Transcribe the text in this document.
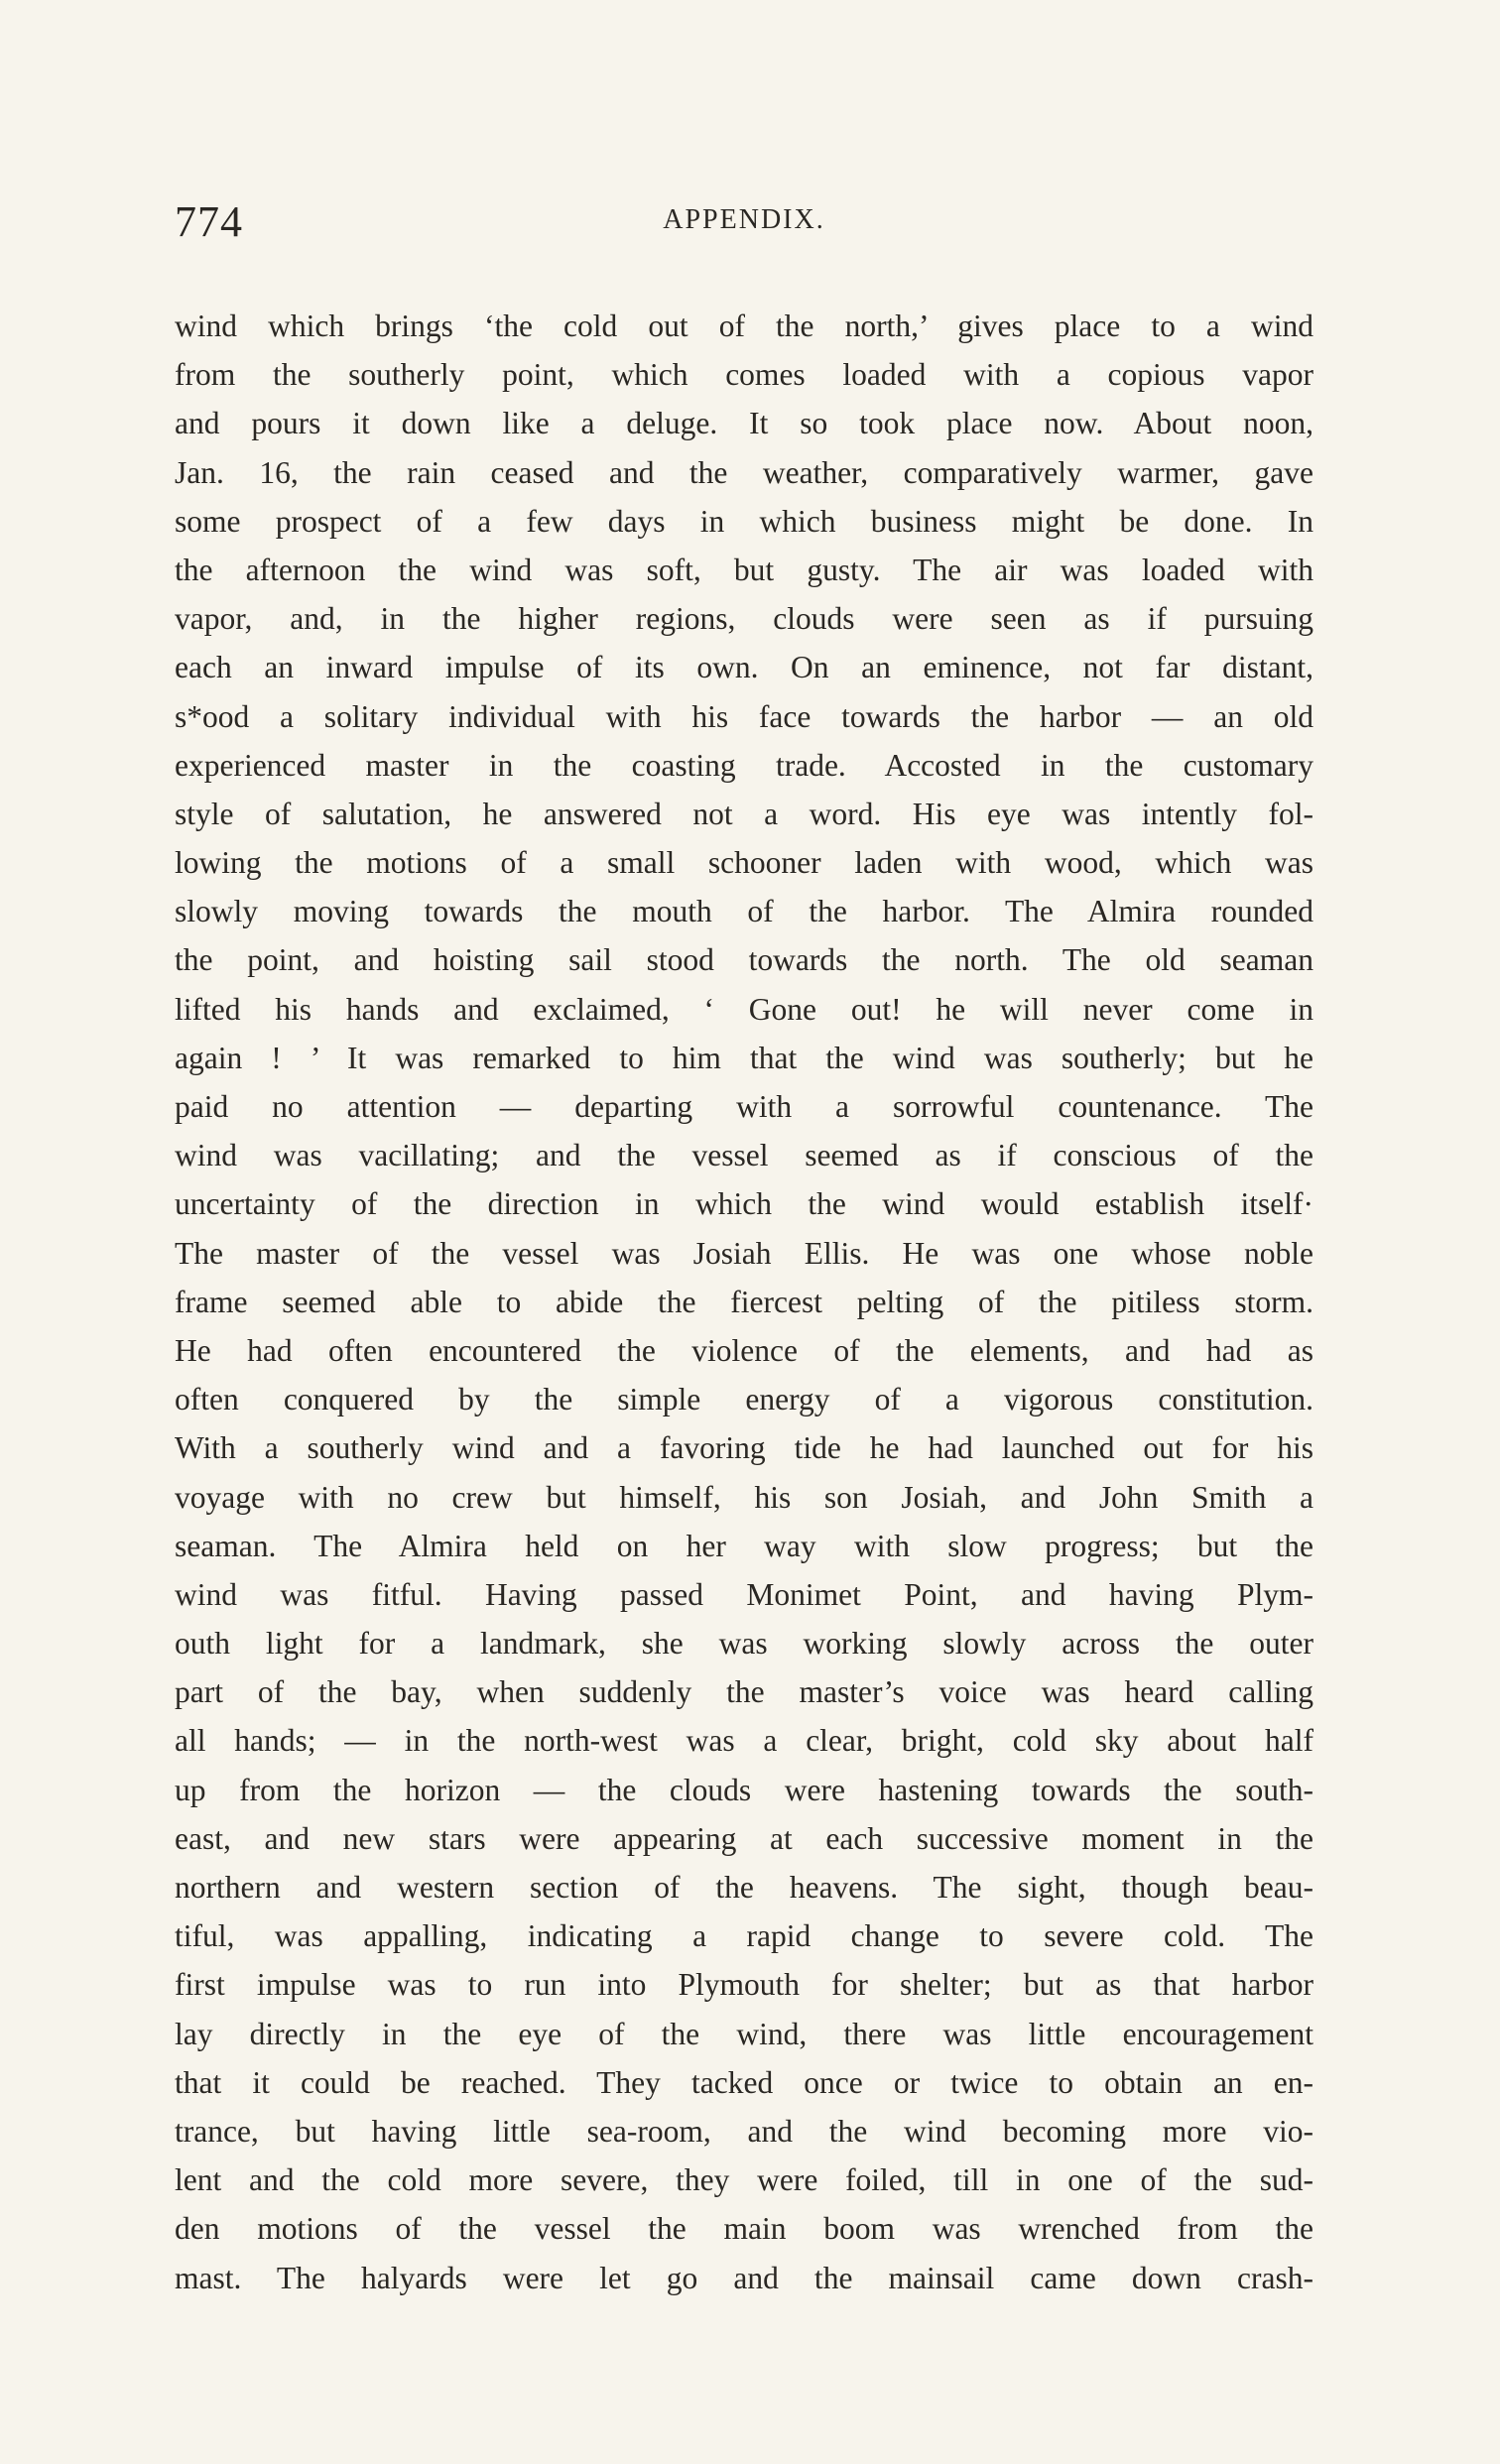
774	APPENDIX.
wind which brings ‘the cold out of the north,’ gives place to a wind
from the southerly point, which comes loaded with a copious vapor
and pours it down like a deluge. It so took place now. About noon,
Jan. 16, the rain ceased and the weather, comparatively warmer, gave
some prospect of a few days in which business might be done. In
the afternoon the wind was soft, but gusty. The air was loaded with
vapor, and, in the higher regions, clouds were seen as if pursuing
each an inward impulse of its own. On an eminence, not far distant,
s*ood a solitary individual with his face towards the harbor — an old
experienced master in the coasting trade. Accosted in the customary
style of salutation, he answered not a word. His eye was intently fol-
lowing the motions of a small schooner laden with wood, which was
slowly moving towards the mouth of the harbor. The Almira rounded
the point, and hoisting sail stood towards the north. The old seaman
lifted his hands and exclaimed, ‘ Gone out! he will never come in
again ! ’ It was remarked to him that the wind was southerly; but he
paid no attention — departing with a sorrowful countenance. The
wind was vacillating; and the vessel seemed as if conscious of the
uncertainty of the direction in which the wind would establish itself·
The master of the vessel was Josiah Ellis. He was one whose noble
frame seemed able to abide the fiercest pelting of the pitiless storm.
He had often encountered the violence of the elements, and had as
often conquered by the simple energy of a vigorous constitution.
With a southerly wind and a favoring tide he had launched out for his
voyage with no crew but himself, his son Josiah, and John Smith a
seaman. The Almira held on her way with slow progress; but the
wind was fitful. Having passed Monimet Point, and having Plym-
outh light for a landmark, she was working slowly across the outer
part of the bay, when suddenly the master’s voice was heard calling
all hands; — in the north-west was a clear, bright, cold sky about half
up from the horizon — the clouds were hastening towards the south-
east, and new stars were appearing at each successive moment in the
northern and western section of the heavens. The sight, though beau-
tiful, was appalling, indicating a rapid change to severe cold. The
first impulse was to run into Plymouth for shelter; but as that harbor
lay directly in the eye of the wind, there was little encouragement
that it could be reached. They tacked once or twice to obtain an en-
trance, but having little sea-room, and the wind becoming more vio-
lent and the cold more severe, they were foiled, till in one of the sud-
den motions of the vessel the main boom was wrenched from the
mast. The halyards were let go and the mainsail came down crash-
